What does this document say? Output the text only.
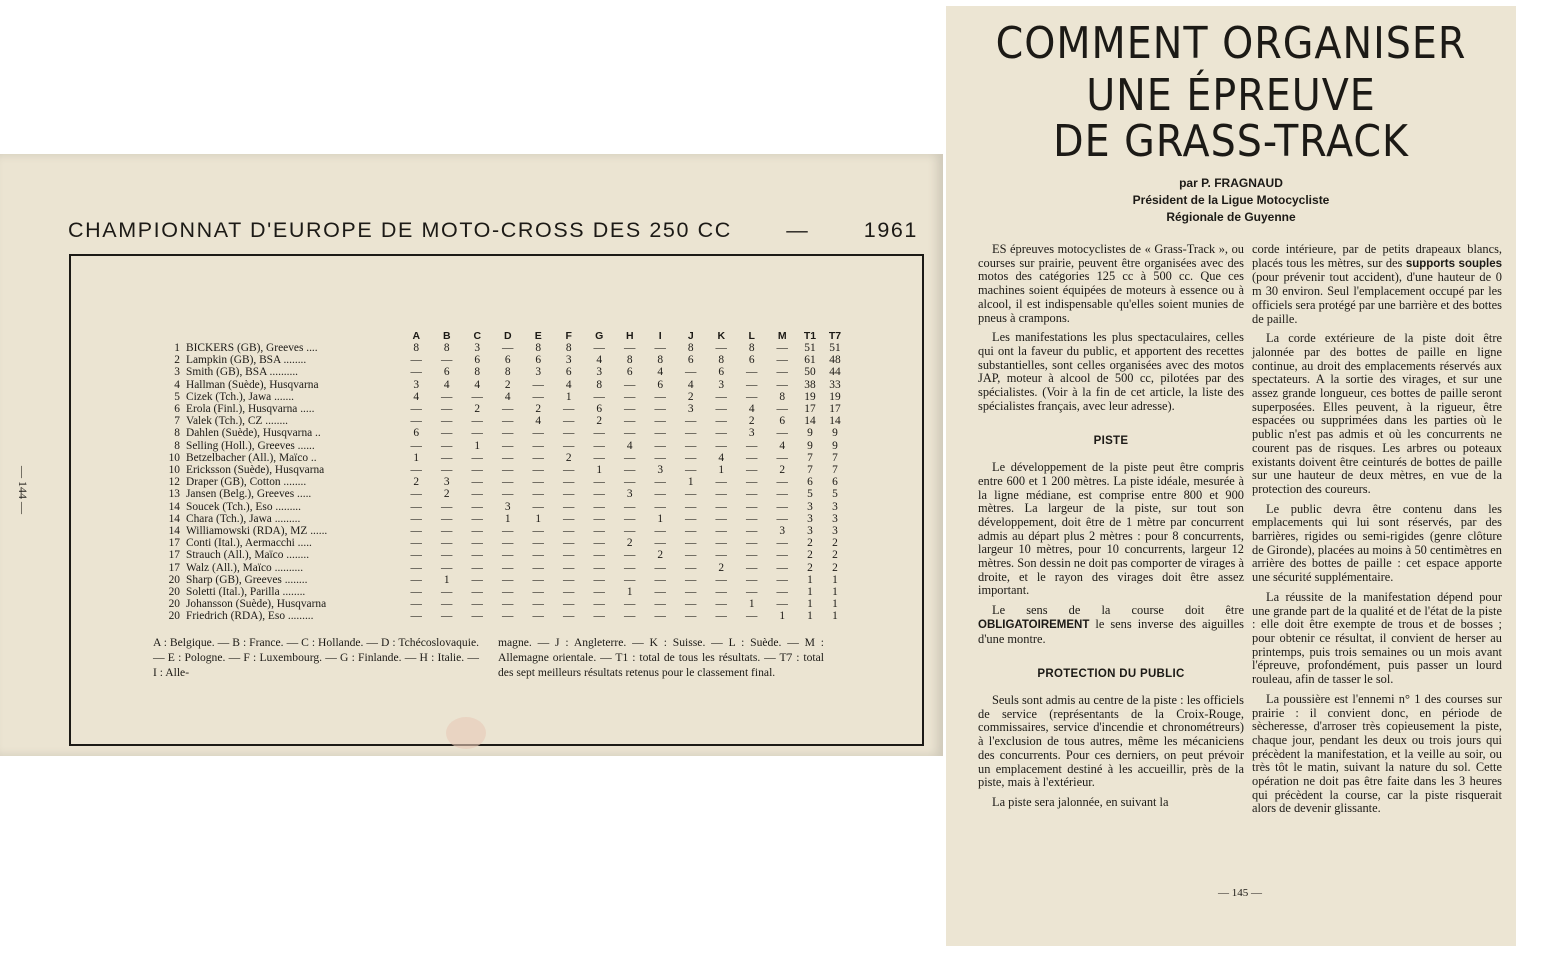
CHAMPIONNAT D'EUROPE DE MOTO-CROSS DES 250 CC	—	1961
— 144 —
		A	B	C	D	E	F	G	H	I	J	K	L	M	T1	T7
1	BICKERS (GB), Greeves ....	8	8	3	—	8	8	—	—	—	8	—	8	—	51	51
2	Lampkin (GB), BSA ........	—	—	6	6	6	3	4	8	8	6	8	6	—	61	48
3	Smith (GB), BSA ..........	—	6	8	8	3	6	3	6	4	—	6	—	—	50	44
4	Hallman (Suède), Husqvarna	3	4	4	2	—	4	8	—	6	4	3	—	—	38	33
5	Cizek (Tch.), Jawa .......	4	—	—	4	—	1	—	—	—	2	—	—	8	19	19
6	Erola (Finl.), Husqvarna .....	—	—	2	—	2	—	6	—	—	3	—	4	—	17	17
7	Valek (Tch.), CZ ........	—	—	—	—	4	—	2	—	—	—	—	2	6	14	14
8	Dahlen (Suède), Husqvarna ..	6	—	—	—	—	—	—	—	—	—	—	3	—	9	9
8	Selling (Holl.), Greeves ......	—	—	1	—	—	—	—	4	—	—	—	—	4	9	9
10	Betzelbacher (All.), Maïco ..	1	—	—	—	—	2	—	—	—	—	4	—	—	7	7
10	Ericksson (Suède), Husqvarna	—	—	—	—	—	—	1	—	3	—	1	—	2	7	7
12	Draper (GB), Cotton ........	2	3	—	—	—	—	—	—	—	1	—	—	—	6	6
13	Jansen (Belg.), Greeves .....	—	2	—	—	—	—	—	3	—	—	—	—	—	5	5
14	Soucek (Tch.), Eso .........	—	—	—	3	—	—	—	—	—	—	—	—	—	3	3
14	Chara (Tch.), Jawa .........	—	—	—	1	1	—	—	—	1	—	—	—	—	3	3
14	Williamowski (RDA), MZ ......	—	—	—	—	—	—	—	—	—	—	—	—	3	3	3
17	Conti (Ital.), Aermacchi .....	—	—	—	—	—	—	—	2	—	—	—	—	—	2	2
17	Strauch (All.), Maïco ........	—	—	—	—	—	—	—	—	2	—	—	—	—	2	2
17	Walz (All.), Maïco ..........	—	—	—	—	—	—	—	—	—	—	2	—	—	2	2
20	Sharp (GB), Greeves ........	—	1	—	—	—	—	—	—	—	—	—	—	—	1	1
20	Soletti (Ital.), Parilla ........	—	—	—	—	—	—	—	1	—	—	—	—	—	1	1
20	Johansson (Suède), Husqvarna	—	—	—	—	—	—	—	—	—	—	—	1	—	1	1
20	Friedrich (RDA), Eso .........	—	—	—	—	—	—	—	—	—	—	—	—	1	1	1
A : Belgique. — B : France. — C : Hollande. — D : Tchécoslovaquie. — E : Pologne. — F : Luxembourg. — G : Finlande. — H : Italie. — I : Alle-
magne. — J : Angleterre. — K : Suisse. — L : Suède. — M : Allemagne orientale. — T1 : total de tous les résultats. — T7 : total des sept meilleurs résultats retenus pour le classement final.
COMMENT ORGANISER
UNE ÉPREUVE
DE GRASS-TRACK
par P. FRAGNAUD
Président de la Ligue Motocycliste
Régionale de Guyenne

ES épreuves motocyclistes de « Grass-Track », ou courses sur prairie, peuvent être organisées avec des motos des catégories 125 cc à 500 cc. Que ces machines soient équipées de moteurs à essence ou à alcool, il est indispensable qu'elles soient munies de pneus à crampons.

Les manifestations les plus spectaculaires, celles qui ont la faveur du public, et apportent des recettes substantielles, sont celles organisées avec des motos JAP, moteur à alcool de 500 cc, pilotées par des spécialistes. (Voir à la fin de cet article, la liste des spécialistes français, avec leur adresse).

PISTE

Le développement de la piste peut être compris entre 600 et 1 200 mètres. La piste idéale, mesurée à la ligne médiane, est comprise entre 800 et 900 mètres. La largeur de la piste, sur tout son développement, doit être de 1 mètre par concurrent admis au départ plus 2 mètres : pour 8 concurrents, largeur 10 mètres, pour 10 concurrents, largeur 12 mètres. Son dessin ne doit pas comporter de virages à droite, et le rayon des virages doit être assez important.

Le sens de la course doit être OBLIGATOIREMENT le sens inverse des aiguilles d'une montre.

PROTECTION DU PUBLIC

Seuls sont admis au centre de la piste : les officiels de service (représentants de la Croix-Rouge, commissaires, service d'incendie et chronométreurs) à l'exclusion de tous autres, même les mécaniciens des concurrents. Pour ces derniers, on peut prévoir un emplacement destiné à les accueillir, près de la piste, mais à l'extérieur.

La piste sera jalonnée, en suivant la

corde intérieure, par de petits drapeaux blancs, placés tous les mètres, sur des supports souples (pour prévenir tout accident), d'une hauteur de 0 m 30 environ. Seul l'emplacement occupé par les officiels sera protégé par une barrière et des bottes de paille.

La corde extérieure de la piste doit être jalonnée par des bottes de paille en ligne continue, au droit des emplacements réservés aux spectateurs. A la sortie des virages, et sur une assez grande longueur, ces bottes de paille seront superposées. Elles peuvent, à la rigueur, être espacées ou supprimées dans les parties où le public n'est pas admis et où les concurrents ne courent pas de risques. Les arbres ou poteaux existants doivent être ceinturés de bottes de paille sur une hauteur de deux mètres, en vue de la protection des coureurs.

Le public devra être contenu dans les emplacements qui lui sont réservés, par des barrières, rigides ou semi-rigides (genre clôture de Gironde), placées au moins à 50 centimètres en arrière des bottes de paille : cet espace apporte une sécurité supplémentaire.

La réussite de la manifestation dépend pour une grande part de la qualité et de l'état de la piste : elle doit être exempte de trous et de bosses ; pour obtenir ce résultat, il convient de herser au printemps, puis trois semaines ou un mois avant l'épreuve, profondément, puis passer un lourd rouleau, afin de tasser le sol.

La poussière est l'ennemi n° 1 des courses sur prairie : il convient donc, en période de sècheresse, d'arroser très copieusement la piste, chaque jour, pendant les deux ou trois jours qui précèdent la manifestation, et la veille au soir, ou très tôt le matin, suivant la nature du sol. Cette opération ne doit pas être faite dans les 3 heures qui précèdent la course, car la piste risquerait alors de devenir glissante.

— 145 —
